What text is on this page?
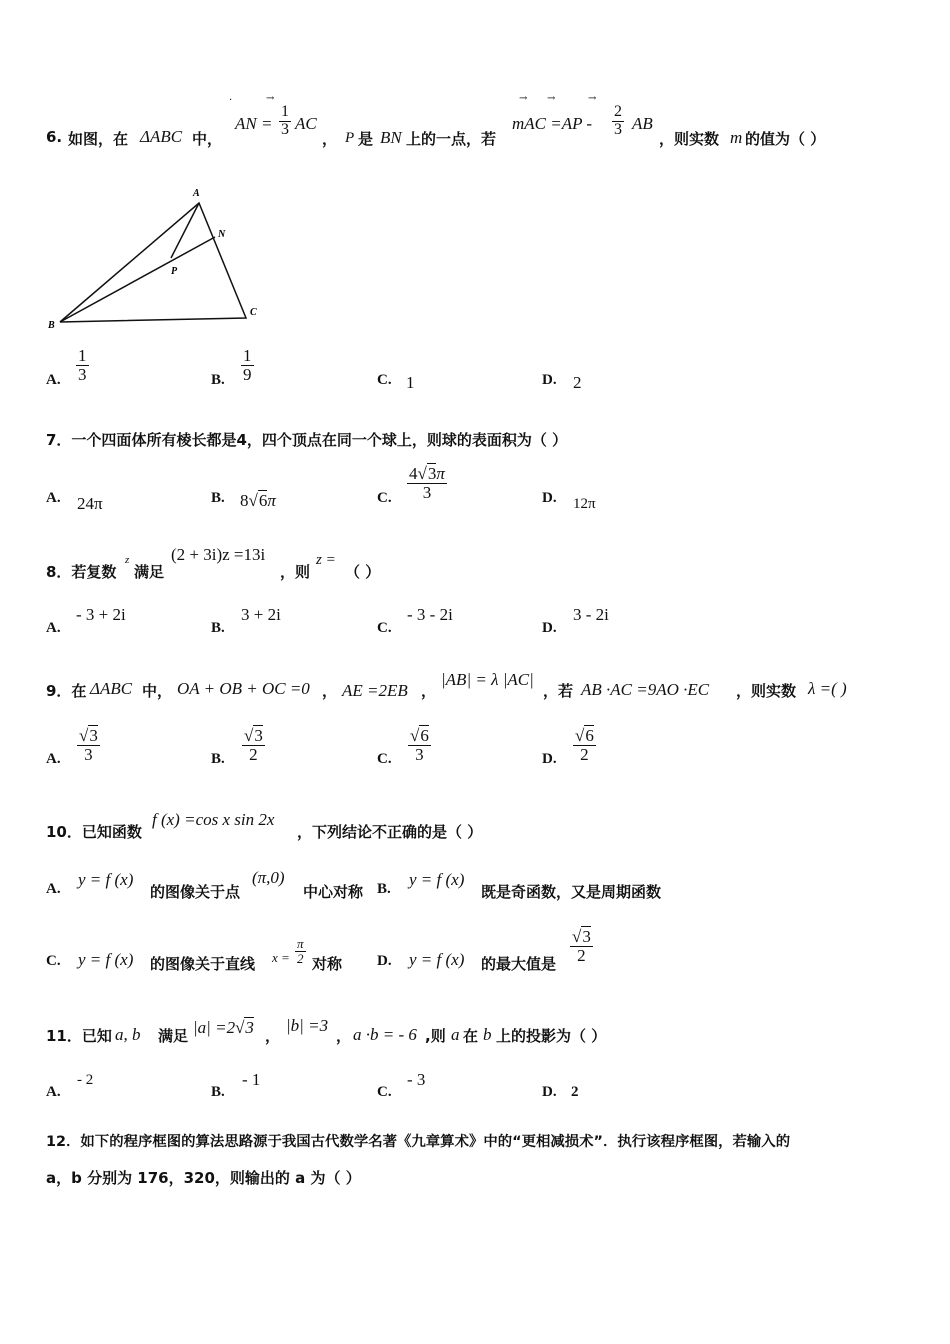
6. 如图，在 ΔABC 中，
·	→
AN = $\frac{1}{3}$ AC
， P 是 BN 上的一点，若
→ →	→
mAC $=AP - \frac{2}{3}$ AB
，则实数 m 的值为（ ）
A
N
P
C
B
A. $\frac{1}{3}$	B. $\frac{1}{9}$	C. 1	D. 2
7．一个四面体所有棱长都是4，四个顶点在同一个球上，则球的表面积为（ ）
A. 24π	B. 8√6π	C. $\frac{4√3\pi}{3}$	D. 12π
8．若复数
z
满足
(2 + 3i)z =13i
，则
z =
（ ）
A.
- 3 + 2i
B.
3 + 2i
C.
- 3 - 2i
D.
3 - 2i
9．在 ΔABC 中， OA + OB + OC =0 ， AE =2EB ，
|AB| = λ |AC|
，若 AB ·AC =9AO ·EC ，则实数 λ =( )
A. $\frac{√3}{3}$	B. $\frac{√3}{2}$	C. $\frac{√6}{3}$	D. $\frac{√6}{2}$
10．已知函数
f (x) =cos x sin 2x
，下列结论不正确的是（ ）
A. y = f (x)
的图像关于点
(π,0)
中心对称 B. y = f (x)
既是奇函数，又是周期函数
C. y = f (x) 的图像关于直线 $x = \frac{\pi}{2}$ 对称 D. y = f (x) 的最大值是 $\frac{√3}{2}$
11．已知 a, b 满足 |a| =2√3 ，
|b| =3
， a ·b = - 6 ,则 a 在 b 上的投影为（ ）
A.
- 2
B.
- 1
C.
- 3
D. 2
12．如下的程序框图的算法思路源于我国古代数学名著《九章算术》中的“更相减损术”．执行该程序框图，若输入的
a，b 分别为 176，320，则输出的 a 为（ ）
